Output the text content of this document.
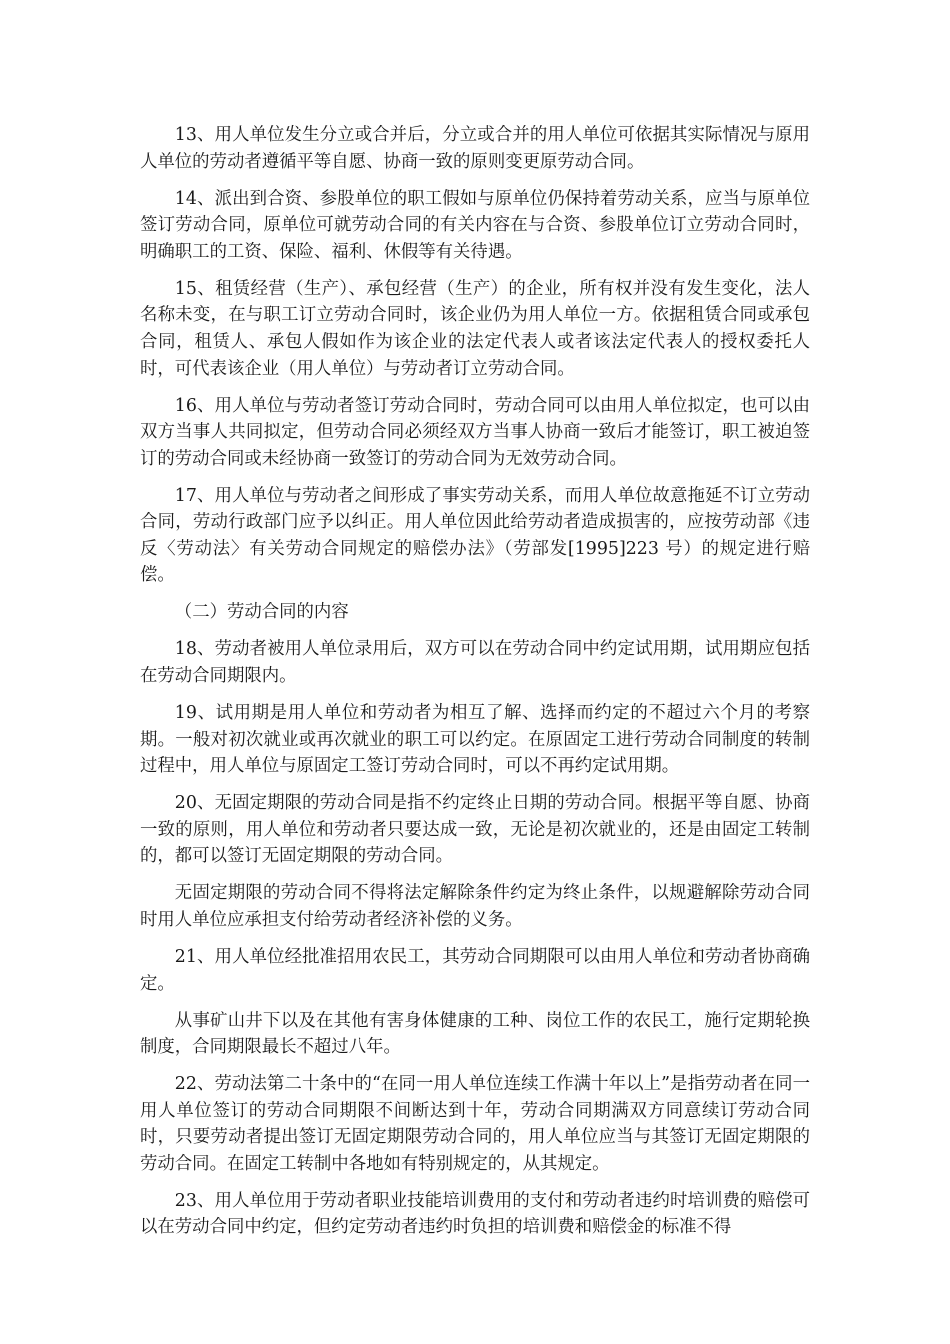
13、用人单位发生分立或合并后，分立或合并的用人单位可依据其实际情况与原用人单位的劳动者遵循平等自愿、协商一致的原则变更原劳动合同。

14、派出到合资、参股单位的职工假如与原单位仍保持着劳动关系，应当与原单位签订劳动合同，原单位可就劳动合同的有关内容在与合资、参股单位订立劳动合同时，明确职工的工资、保险、福利、休假等有关待遇。

15、租赁经营（生产）、承包经营（生产）的企业，所有权并没有发生变化，法人名称未变，在与职工订立劳动合同时，该企业仍为用人单位一方。依据租赁合同或承包合同，租赁人、承包人假如作为该企业的法定代表人或者该法定代表人的授权委托人时，可代表该企业（用人单位）与劳动者订立劳动合同。

16、用人单位与劳动者签订劳动合同时，劳动合同可以由用人单位拟定，也可以由双方当事人共同拟定，但劳动合同必须经双方当事人协商一致后才能签订，职工被迫签订的劳动合同或未经协商一致签订的劳动合同为无效劳动合同。

17、用人单位与劳动者之间形成了事实劳动关系，而用人单位故意拖延不订立劳动合同，劳动行政部门应予以纠正。用人单位因此给劳动者造成损害的，应按劳动部《违反〈劳动法〉有关劳动合同规定的赔偿办法》（劳部发[1995]223 号）的规定进行赔偿。

（二）劳动合同的内容

18、劳动者被用人单位录用后，双方可以在劳动合同中约定试用期，试用期应包括在劳动合同期限内。

19、试用期是用人单位和劳动者为相互了解、选择而约定的不超过六个月的考察期。一般对初次就业或再次就业的职工可以约定。在原固定工进行劳动合同制度的转制过程中，用人单位与原固定工签订劳动合同时，可以不再约定试用期。

20、无固定期限的劳动合同是指不约定终止日期的劳动合同。根据平等自愿、协商一致的原则，用人单位和劳动者只要达成一致，无论是初次就业的，还是由固定工转制的，都可以签订无固定期限的劳动合同。

无固定期限的劳动合同不得将法定解除条件约定为终止条件，以规避解除劳动合同时用人单位应承担支付给劳动者经济补偿的义务。

21、用人单位经批准招用农民工，其劳动合同期限可以由用人单位和劳动者协商确定。

从事矿山井下以及在其他有害身体健康的工种、岗位工作的农民工，施行定期轮换制度，合同期限最长不超过八年。

22、劳动法第二十条中的“在同一用人单位连续工作满十年以上”是指劳动者在同一用人单位签订的劳动合同期限不间断达到十年，劳动合同期满双方同意续订劳动合同时，只要劳动者提出签订无固定期限劳动合同的，用人单位应当与其签订无固定期限的劳动合同。在固定工转制中各地如有特别规定的，从其规定。

23、用人单位用于劳动者职业技能培训费用的支付和劳动者违约时培训费的赔偿可以在劳动合同中约定，但约定劳动者违约时负担的培训费和赔偿金的标准不得
